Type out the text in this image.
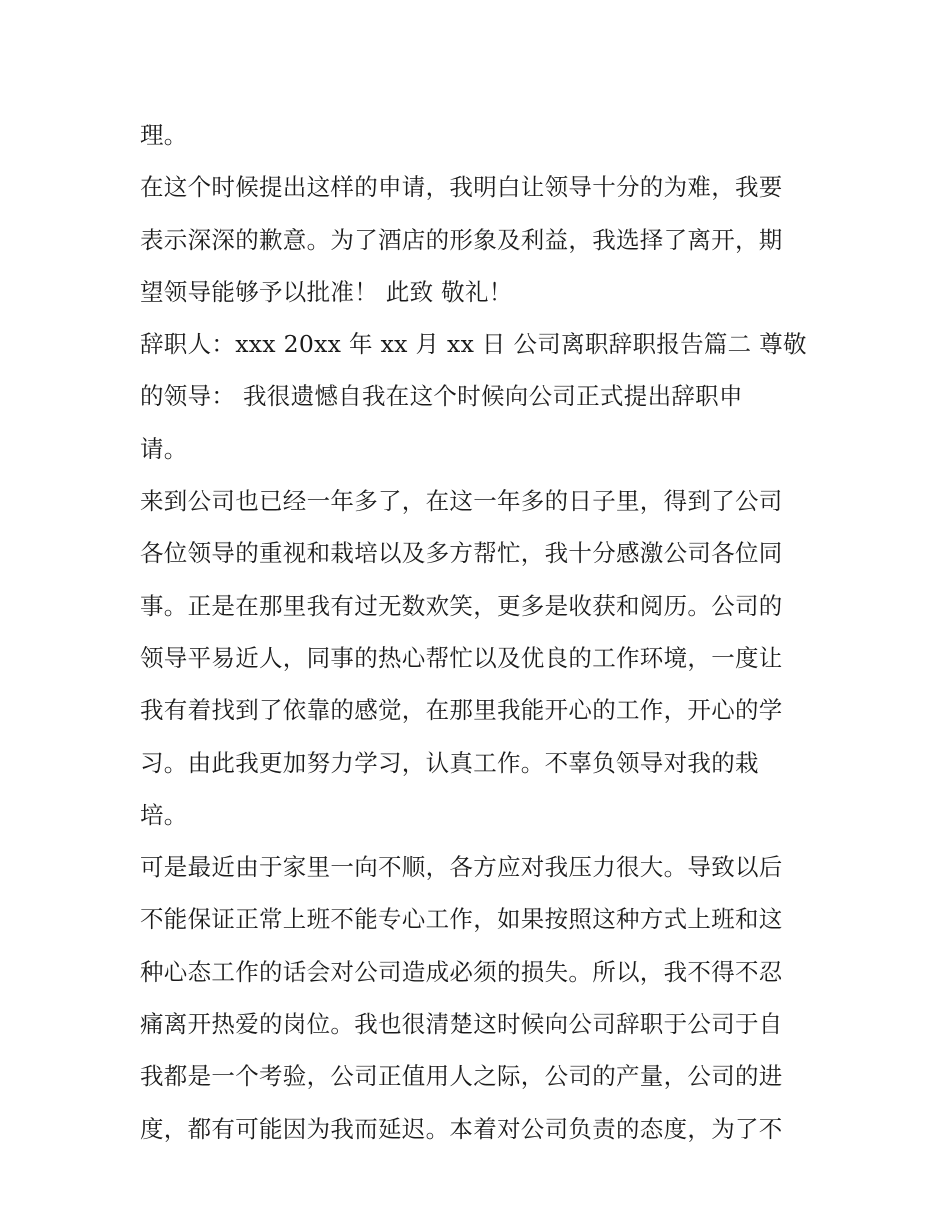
理。
在这个时候提出这样的申请，我明白让领导十分的为难，我要
表示深深的歉意。为了酒店的形象及利益，我选择了离开，期
望领导能够予以批准！ 此致 敬礼！
辞职人：xxx 20xx 年 xx 月 xx 日 公司离职辞职报告篇二 尊敬
的领导： 我很遗憾自我在这个时候向公司正式提出辞职申
请。
来到公司也已经一年多了，在这一年多的日子里，得到了公司
各位领导的重视和栽培以及多方帮忙，我十分感激公司各位同
事。正是在那里我有过无数欢笑，更多是收获和阅历。公司的
领导平易近人，同事的热心帮忙以及优良的工作环境，一度让
我有着找到了依靠的感觉，在那里我能开心的工作，开心的学
习。由此我更加努力学习，认真工作。不辜负领导对我的栽
培。
可是最近由于家里一向不顺，各方应对我压力很大。导致以后
不能保证正常上班不能专心工作，如果按照这种方式上班和这
种心态工作的话会对公司造成必须的损失。所以，我不得不忍
痛离开热爱的岗位。我也很清楚这时候向公司辞职于公司于自
我都是一个考验，公司正值用人之际，公司的产量，公司的进
度，都有可能因为我而延迟。本着对公司负责的态度，为了不
